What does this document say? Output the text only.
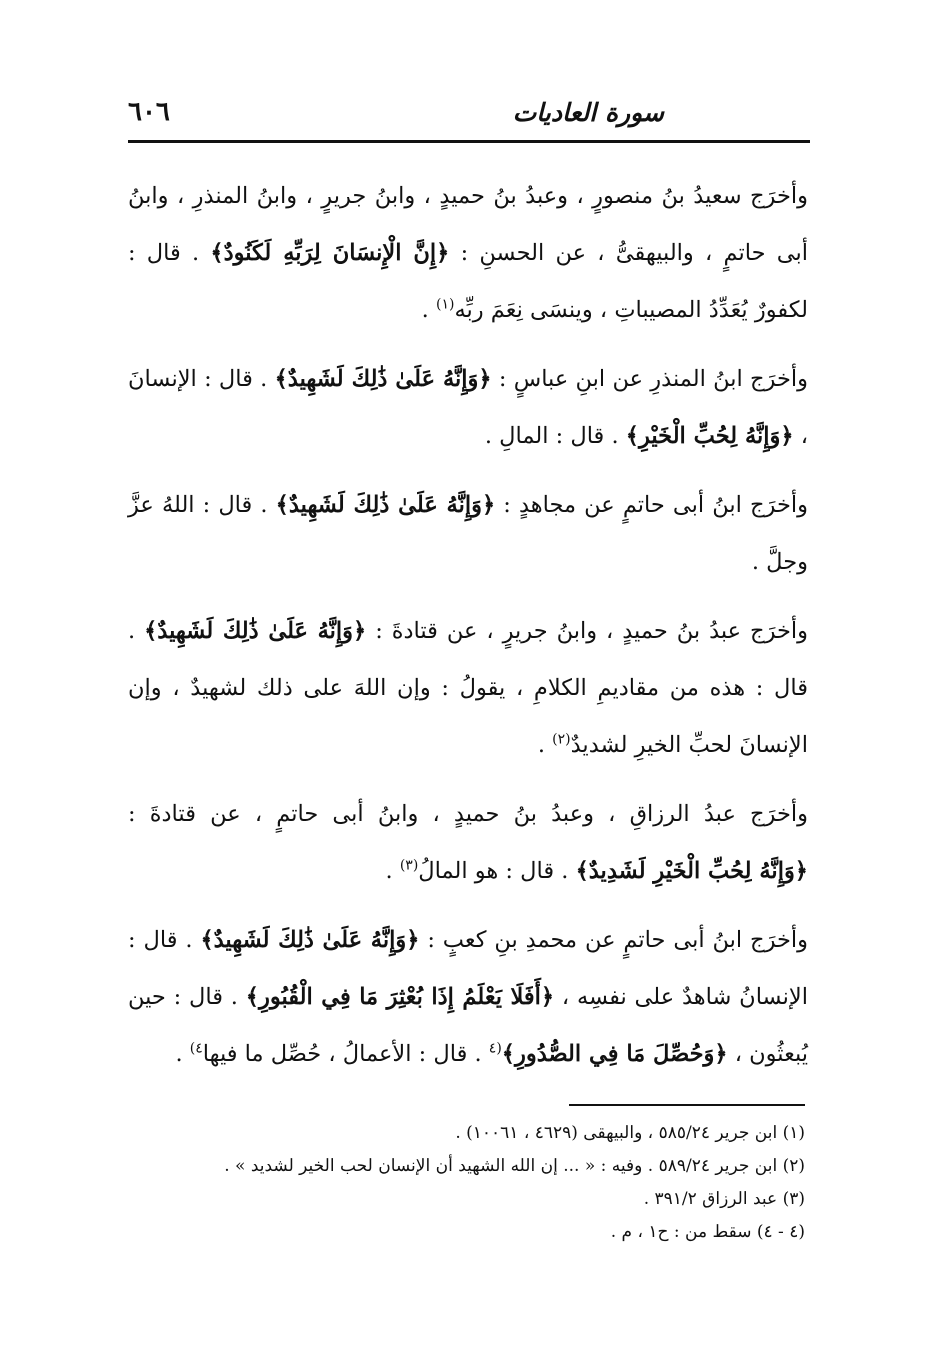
٦٠٦	سورة العاديات

وأخرَج سعيدُ بنُ منصورٍ ، وعبدُ بنُ حميدٍ ، وابنُ جريرٍ ، وابنُ المنذرِ ، وابنُ أبى حاتمٍ ، والبيهقىُّ ، عن الحسنِ : ﴿إِنَّ الْإِنسَانَ لِرَبِّهِ لَكَنُودٌ﴾ . قال : لكفورٌ يُعَدِّدُ المصيباتِ ، وينسَى نِعَمَ ربِّه$^{(١)}$ .

وأخرَج ابنُ المنذرِ عن ابنِ عباسٍ : ﴿وَإِنَّهُ عَلَىٰ ذَٰلِكَ لَشَهِيدٌ﴾ . قال : الإنسانَ ، ﴿وَإِنَّهُ لِحُبِّ الْخَيْرِ﴾ . قال : المالِ .

وأخرَج ابنُ أبى حاتمٍ عن مجاهدٍ : ﴿وَإِنَّهُ عَلَىٰ ذَٰلِكَ لَشَهِيدٌ﴾ . قال : اللهُ عزَّ وجلَّ .

وأخرَج عبدُ بنُ حميدٍ ، وابنُ جريرٍ ، عن قتادةَ : ﴿وَإِنَّهُ عَلَىٰ ذَٰلِكَ لَشَهِيدٌ﴾ . قال : هذه من مقاديمِ الكلامِ ، يقولُ : وإن اللهَ على ذلك لشهيدٌ ، وإن الإنسانَ لحبِّ الخيرِ لشديدٌ$^{(٢)}$ .

وأخرَج عبدُ الرزاقِ ، وعبدُ بنُ حميدٍ ، وابنُ أبى حاتمٍ ، عن قتادةَ : ﴿وَإِنَّهُ لِحُبِّ الْخَيْرِ لَشَدِيدٌ﴾ . قال : هو المالُ$^{(٣)}$ .

وأخرَج ابنُ أبى حاتمٍ عن محمدِ بنِ كعبٍ : ﴿وَإِنَّهُ عَلَىٰ ذَٰلِكَ لَشَهِيدٌ﴾ . قال : الإنسانُ شاهدٌ على نفسِه ، ﴿أَفَلَا يَعْلَمُ إِذَا بُعْثِرَ مَا فِي الْقُبُورِ﴾ . قال : حين يُبعثُون ، ﴿وَحُصِّلَ مَا فِي الصُّدُورِ﴾$^{(٤}$ . قال : الأعمالُ ، حُصِّل ما فيها$^{٤)}$ .

(١) ابن جرير ٥٨٥/٢٤ ، والبيهقى (٤٦٢٩ ، ١٠٠٦١) .

(٢) ابن جرير ٥٨٩/٢٤ . وفيه : « ... إن الله الشهيد أن الإنسان لحب الخير لشديد » .

(٣) عبد الرزاق ٣٩١/٢ .

(٤ - ٤) سقط من : ح١ ، م .
